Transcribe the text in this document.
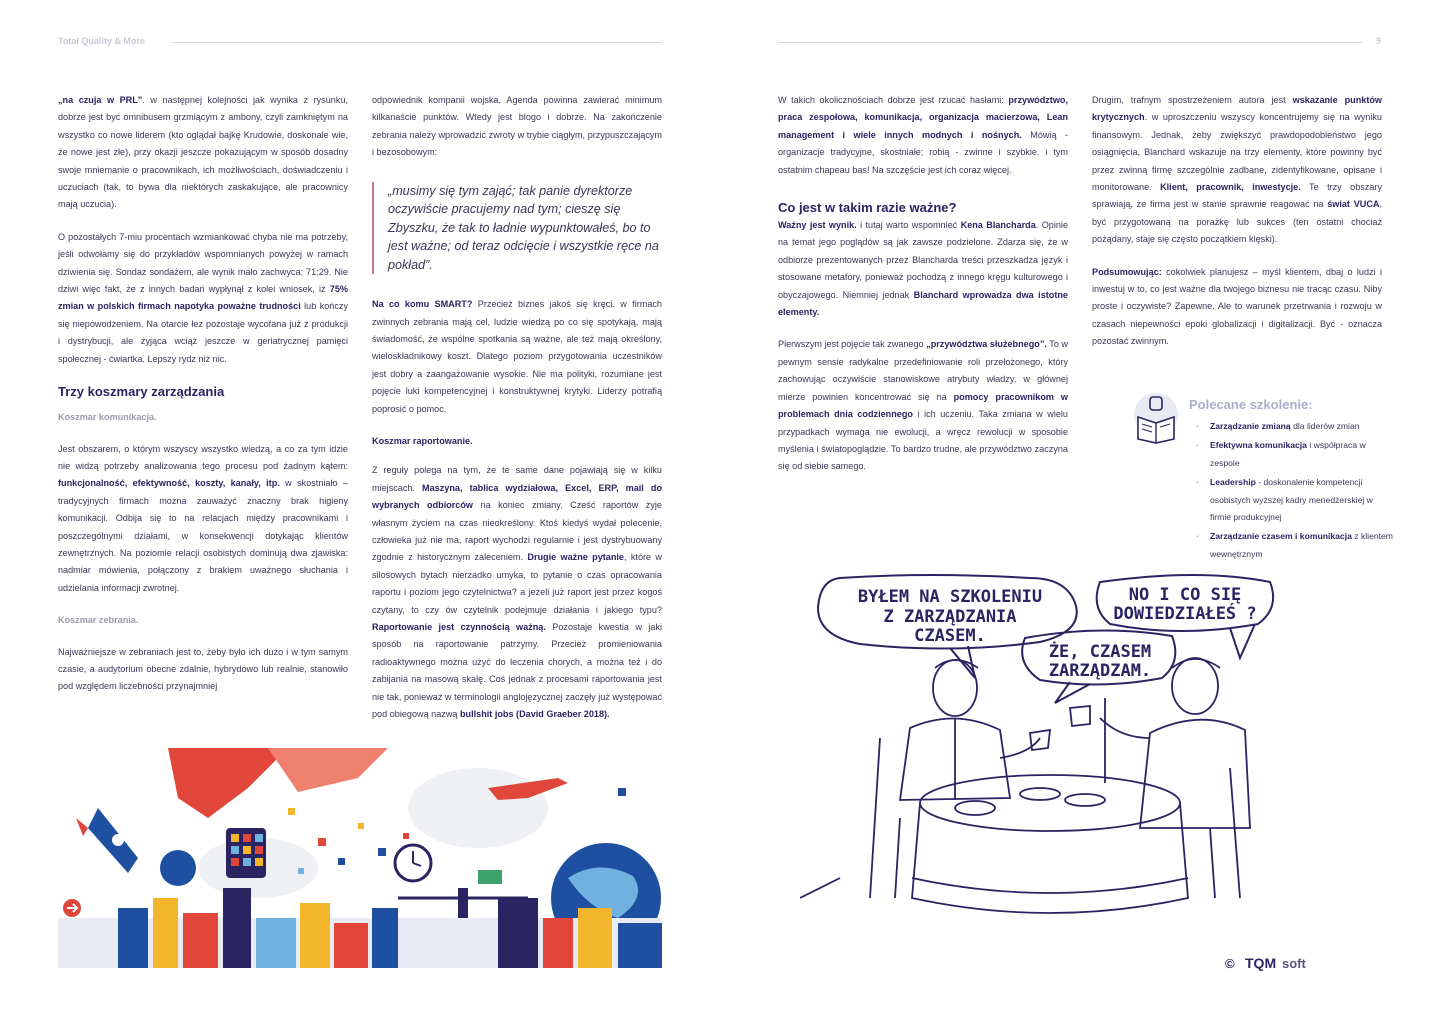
Total Quality & More	9

„na czuja w PRL”. w następnej kolejności jak wynika z rysunku, dobrze jest być omnibusem grzmiącym z ambony, czyli zamkniętym na wszystko co nowe liderem (kto oglądał bajkę Krudowie, doskonale wie, że nowe jest złe), przy okazji jeszcze pokazującym w sposób dosadny swoje mniemanie o pracownikach, ich możliwościach, doświadczeniu i uczuciach (tak, to bywa dla niektórych zaskakujące, ale pracownicy mają uczucia).

O pozostałych 7-miu procentach wzmiankować chyba nie ma potrzeby, jeśli odwołamy się do przykładów wspomnianych powyżej w ramach dziwienia się. Sondaż sondażem, ale wynik mało zachwyca: 71:29. Nie dziwi więc fakt, że z innych badań wypłynął z kolei wniosek, iż 75% zmian w polskich firmach napotyka poważne trudności lub kończy się niepowodzeniem. Na otarcie łez pozostaje wycofana już z produkcji i dystrybucji, ale żyjąca wciąż jeszcze w geriatrycznej pamięci społecznej - ćwiartka. Lepszy rydz niż nic.

Trzy koszmary zarządzania
Koszmar komunikacja.

Jest obszarem, o którym wszyscy wszystko wiedzą, a co za tym idzie nie widzą potrzeby analizowania tego procesu pod żadnym kątem: funkcjonalność, efektywność, koszty, kanały, itp. w skostniało – tradycyjnych firmach można zauważyć znaczny brak higieny komunikacji. Odbija się to na relacjach między pracownikami i poszczególnymi działami, w konsekwencji dotykając klientów zewnętrznych. Na poziomie relacji osobistych dominują dwa zjawiska: nadmiar mówienia, połączony z brakiem uważnego słuchania i udzielania informacji zwrotnej.

Koszmar zebrania.

Najważniejsze w zebraniach jest to, żeby było ich dużo i w tym samym czasie, a audytorium obecne zdalnie, hybrydowo lub realnie, stanowiło pod względem liczebności przynajmniej

odpowiednik kompanii wojska. Agenda powinna zawierać minimum kilkanaście punktów. Wtedy jest blogo i dobrze. Na zakończenie zebrania należy wprowadzić zwroty w trybie ciągłym, przypuszczającym i bezosobowym:

„musimy się tym zająć; tak panie dyrektorze oczywiście pracujemy nad tym; cieszę się Zbyszku, że tak to ładnie wypunktowałeś, bo to jest ważne; od teraz odcięcie i wszystkie ręce na pokład”.

Na co komu SMART? Przecież biznes jakoś się kręci. w firmach zwinnych zebrania mają cel, ludzie wiedzą po co się spotykają, mają świadomość, że wspólne spotkania są ważne, ale też mają określony, wieloskładnikowy koszt. Dlatego poziom przygotowania uczestników jest dobry a zaangażowanie wysokie. Nie ma polityki, rozumiane jest pojęcie luki kompetencyjnej i konstruktywnej krytyki. Liderzy potrafią poprosić o pomoc.

Koszmar raportowanie.

Z reguły polega na tym, że te same dane pojawiają się w kilku miejscach. Maszyna, tablica wydziałowa, Excel, ERP, mail do wybranych odbiorców na koniec zmiany. Cześć raportów żyje własnym życiem na czas nieokreślony. Ktoś kiedyś wydał polecenie, człowieka już nie ma, raport wychodzi regularnie i jest dystrybuowany zgodnie z historycznym zaleceniem. Drugie ważne pytanie, które w silosowych bytach nierzadko umyka, to pytanie o czas opracowania raportu i poziom jego czytelnictwa? a jeżeli już raport jest przez kogoś czytany, to czy ów czytelnik podejmuje działania i jakiego typu? Raportowanie jest czynnością ważną. Pozostaje kwestia w jaki sposób na raportowanie patrzymy. Przecież promieniowania radioaktywnego można użyć do leczenia chorych, a można też i do zabijania na masową skalę. Coś jednak z procesami raportowania jest nie tak, ponieważ w terminologii anglojęzycznej zaczęły już występować pod obiegową nazwą bullshit jobs (David Graeber 2018).

W takich okolicznościach dobrze jest rzucać hasłami: przywództwo, praca zespołowa, komunikacja, organizacja macierzowa, Lean management i wiele innych modnych i nośnych. Mówią - organizacje tradycyjne, skostniałe; robią - zwinne i szybkie. i tym ostatnim chapeau bas! Na szczęście jest ich coraz więcej.

Co jest w takim razie ważne?

Ważny jest wynik. i tutaj warto wspomnieć Kena Blancharda. Opinie na temat jego poglądów są jak zawsze podzielone. Zdarza się, że w odbiorze prezentowanych przez Blancharda treści przeszkadza język i stosowane metafory, ponieważ pochodzą z innego kręgu kulturowego i obyczajowego. Niemniej jednak Blanchard wprowadza dwa istotne elementy.

Pierwszym jest pojęcie tak zwanego „przywództwa służebnego”. To w pewnym sensie radykalne przedefiniowanie roli przełożonego, który zachowując oczywiście stanowiskowe atrybuty władzy, w głównej mierze powinien koncentrować się na pomocy pracownikom w problemach dnia codziennego i ich uczeniu. Taka zmiana w wielu przypadkach wymaga nie ewolucji, a wręcz rewolucji w sposobie myślenia i światopoglądzie. To bardzo trudne, ale przywództwo zaczyna się od siebie samego.

Drugim, trafnym spostrzeżeniem autora jest wskazanie punktów krytycznych. w uproszczeniu wszyscy koncentrujemy się na wyniku finansowym. Jednak, żeby zwiększyć prawdopodobieństwo jego osiągnięcia, Blanchard wskazuje na trzy elementy, które powinny być przez zwinną firmę szczególnie zadbane, zidentyfikowane, opisane i monitorowane. Klient, pracownik, inwestycje. Te trzy obszary sprawiają, że firma jest w stanie sprawnie reagować na świat VUCA, być przygotowaną na porażkę lub sukces (ten ostatni chociaż pożądany, staje się często początkiem klęski).

Podsumowując: cokolwiek planujesz – myśl klientem, dbaj o ludzi i inwestuj w to, co jest ważne dla twojego biznesu nie tracąc czasu. Niby proste i oczywiste? Zapewne. Ale to warunek przetrwania i rozwoju w czasach niepewności epoki globalizacji i digitalizacji. Być - oznacza pozostać zwinnym.

Polecane szkolenie:
• Zarządzanie zmianą dla liderów zmian
• Efektywna komunikacja i współpraca w zespole
• Leadership - doskonalenie kompetencji osobistych wyższej kadry menedżerskiej w firmie produkcyjnej
• Zarządzanie czasem i komunikacja z klientem wewnętrznym
BYŁEM NA SZKOLENIU
Z ZARZĄDZANIA
CZASEM.
NO I CO SIĘ
DOWIEDZIAŁEŚ ?
ŻE, CZASEM
ZARZĄDZAM.
© TQM soft
